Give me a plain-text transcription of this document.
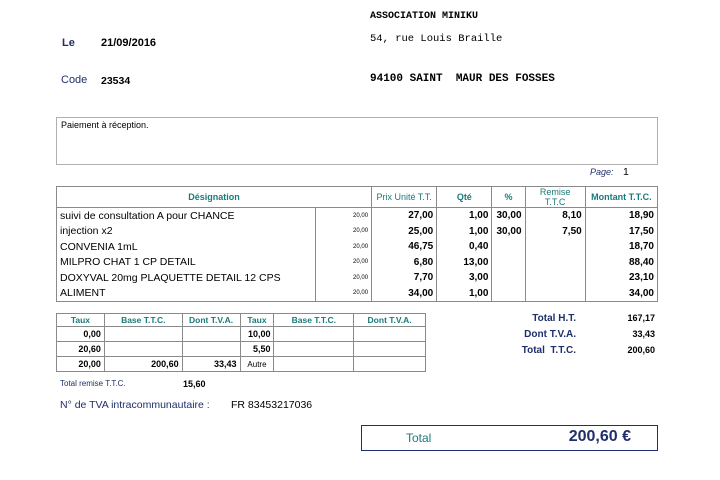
Le 21/09/2016
Code 23534
ASSOCIATION MINIKU
54, rue Louis Braille
94100 SAINT  MAUR DES FOSSES
Paiement à réception.
Page: 1
Désignation		Prix Unité T.T.	Qté	%	Remise T.T.C	Montant T.T.C.
suivi de consultation A pour CHANCE	20,00	27,00	1,00	30,00	8,10	18,90
injection x2	20,00	25,00	1,00	30,00	7,50	17,50
CONVENIA 1mL	20,00	46,75	0,40			18,70
MILPRO CHAT 1 CP DETAIL	20,00	6,80	13,00			88,40
DOXYVAL 20mg PLAQUETTE DETAIL 12 CPS	20,00	7,70	3,00			23,10
ALIMENT	20,00	34,00	1,00			34,00
Taux	Base T.T.C.	Dont T.V.A.	Taux	Base T.T.C.	Dont T.V.A.
0,00			10,00		
20,60			5,50		
20,00	200,60	33,43	Autre		
Total H.T.	167,17
Dont T.V.A.	33,43
Total  T.T.C.	200,60
Total remise T.T.C.	15,60
N° de TVA intracommunautaire : FR 83453217036
Total	200,60 €
